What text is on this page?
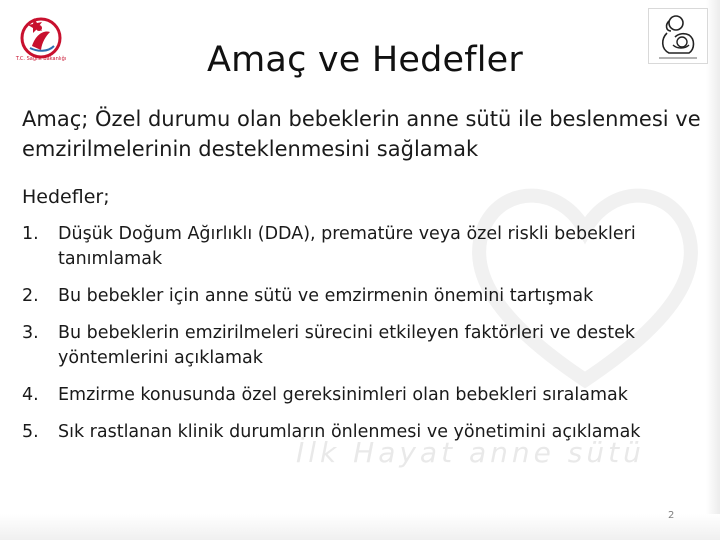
İlk Hayat anne sütü
T.C. Sağlık Bakanlığı	Amaç ve Hedefler

Amaç; Özel durumu olan bebeklerin anne sütü ile beslenmesi ve emzirilmelerinin desteklenmesini sağlamak

Hedefler;

1. Düşük Doğum Ağırlıklı (DDA), prematüre veya özel riskli bebekleri tanımlamak
2. Bu bebekler için anne sütü ve emzirmenin önemini tartışmak
3. Bu bebeklerin emzirilmeleri sürecini etkileyen faktörleri ve destek yöntemlerini açıklamak
4. Emzirme konusunda özel gereksinimleri olan bebekleri sıralamak
5. Sık rastlanan klinik durumların önlenmesi ve yönetimini açıklamak
2
